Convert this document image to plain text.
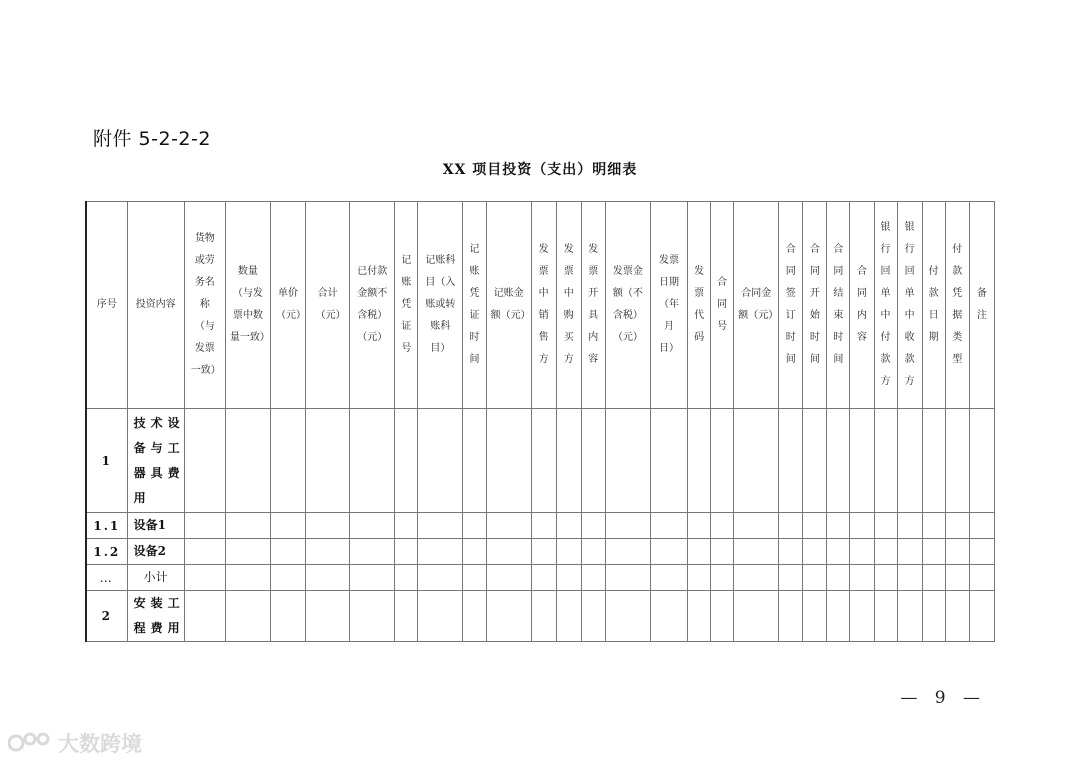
附件 5-2-2-2
XX 项目投资（支出）明细表
序号	投资内容	货物或劳务名称（与发票一致）	数量（与发票中数量一致）	单价（元）	合计（元）	已付款金额不含税）（元）	记账凭证号	记账科目（入账或转账科目）	记账凭证时间	记账金额（元）	发票中销售方	发票中购买方	发票开具内容	发票金额（不含税）（元）	发票日期（年月日）	发票代码	合同号	合同金额（元）	合同签订时间	合同开始时间	合同结束时间	合同内容	银行回单中付款方	银行回单中收款方	付款日期	付款凭据类型	备注
1	技术设备与工器具费用																										
1.1	设备1																										
1.2	设备2																										
…	小计																										
2	安装工程费用																										
— 9 —
大数跨境
